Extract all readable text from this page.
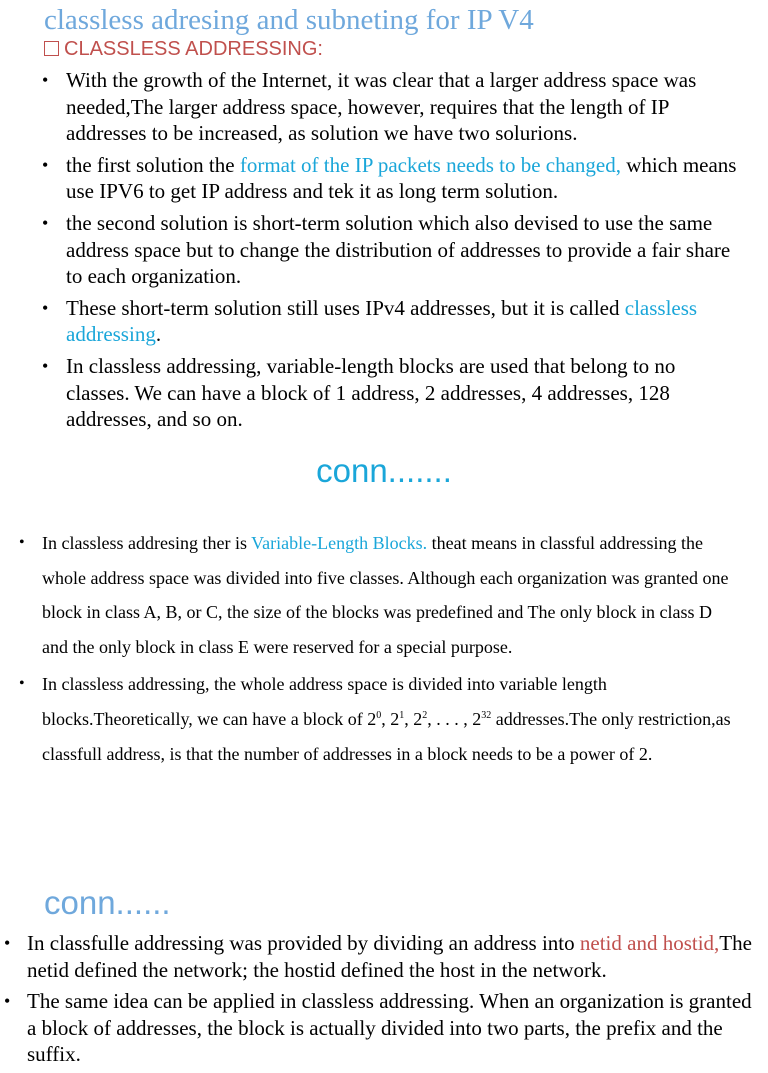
classless adresing and subneting for IP V4
CLASSLESS ADDRESSING:
• With the growth of the Internet, it was clear that a larger address space was needed,The larger address space, however, requires that the length of IP addresses to be increased, as solution we have two solurions.
• the first solution the format of the IP packets needs to be changed, which means use IPV6 to get IP address and tek it as long term solution.
• the second solution is short-term solution which also devised to use the same address space but to change the distribution of addresses to provide a fair share to each organization.
• These short-term solution still uses IPv4 addresses, but it is called classless addressing.
• In classless addressing, variable-length blocks are used that belong to no classes. We can have a block of 1 address, 2 addresses, 4 addresses, 128 addresses, and so on.
conn.......
• In classless addresing ther is Variable-Length Blocks. theat means in classful addressing the whole address space was divided into five classes. Although each organization was granted one block in class A, B, or C, the size of the blocks was predefined and The only block in class D and the only block in class E were reserved for a special purpose.
• In classless addressing, the whole address space is divided into variable length blocks.Theoretically, we can have a block of $2^0$, $2^1$, $2^2$, . . . , $2^{32}$ addresses.The only restriction,as classfull address, is that the number of addresses in a block needs to be a power of 2.
conn......
• In classfulle addressing was provided by dividing an address into netid and hostid,The netid defined the network; the hostid defined the host in the network.
• The same idea can be applied in classless addressing. When an organization is granted a block of addresses, the block is actually divided into two parts, the prefix and the suffix.
